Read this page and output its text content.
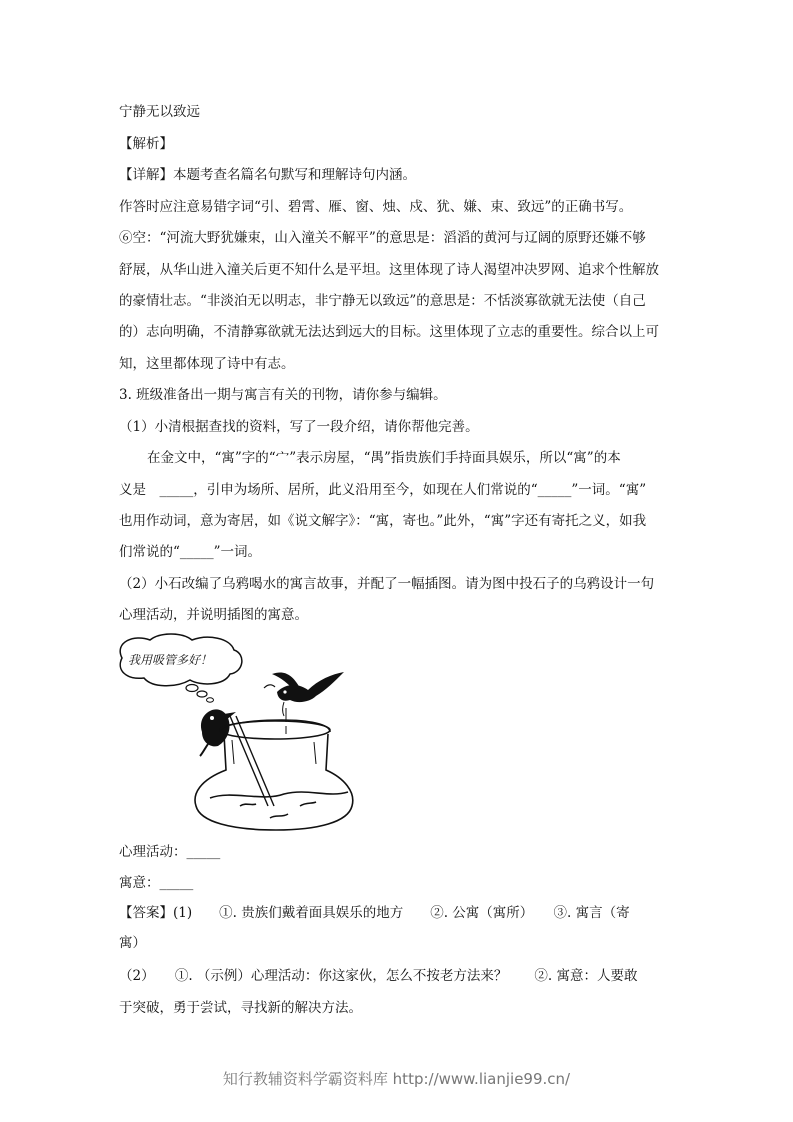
宁静无以致远
【解析】
【详解】本题考查名篇名句默写和理解诗句内涵。
作答时应注意易错字词“引、碧霄、雁、窗、烛、戍、犹、嫌、束、致远”的正确书写。
⑥空：“河流大野犹嫌束，山入潼关不解平”的意思是：滔滔的黄河与辽阔的原野还嫌不够
舒展，从华山进入潼关后更不知什么是平坦。这里体现了诗人渴望冲决罗网、追求个性解放
的豪情壮志。“非淡泊无以明志，非宁静无以致远”的意思是：不恬淡寡欲就无法使（自己
的）志向明确，不清静寡欲就无法达到远大的目标。这里体现了立志的重要性。综合以上可
知，这里都体现了诗中有志。
3. 班级准备出一期与寓言有关的刊物，请你参与编辑。
（1）小清根据查找的资料，写了一段介绍，请你帮他完善。
在金文中，“寓”字的“宀”表示房屋，“禺”指贵族们手持面具娱乐，所以“寓”的本
义是　_____，引申为场所、居所，此义沿用至今，如现在人们常说的“_____”一词。“寓”
也用作动词，意为寄居，如《说文解字》：“寓，寄也。”此外，“寓”字还有寄托之义，如我
们常说的“_____”一词。
（2）小石改编了乌鸦喝水的寓言故事，并配了一幅插图。请为图中投石子的乌鸦设计一句
心理活动，并说明插图的寓意。
我用吸管多好！
心理活动：_____
寓意：_____
【答案】(1)　　①. 贵族们戴着面具娱乐的地方　　②. 公寓（寓所）　　③. 寓言（寄
寓）
（2）　　①. （示例）心理活动：你这家伙，怎么不按老方法来？　　②. 寓意：人要敢
于突破，勇于尝试，寻找新的解决方法。
知行教辅资料学霸资料库 http://www.lianjie99.cn/
